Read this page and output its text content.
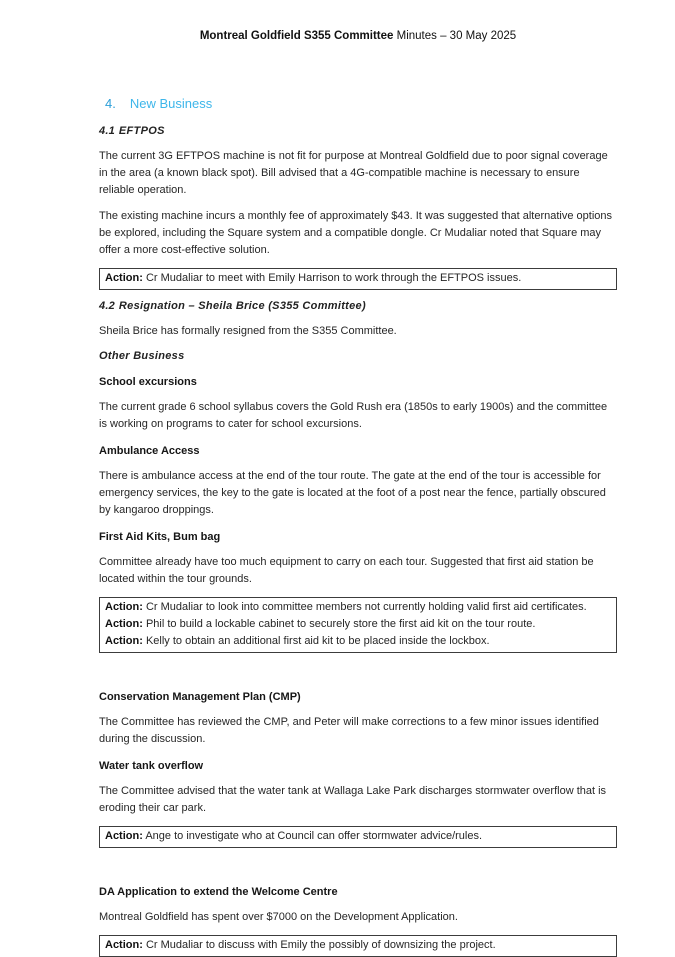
Montreal Goldfield S355 Committee Minutes – 30 May 2025
4. New Business
4.1 EFTPOS

The current 3G EFTPOS machine is not fit for purpose at Montreal Goldfield due to poor signal coverage in the area (a known black spot). Bill advised that a 4G-compatible machine is necessary to ensure reliable operation.

The existing machine incurs a monthly fee of approximately $43. It was suggested that alternative options be explored, including the Square system and a compatible dongle. Cr Mudaliar noted that Square may offer a more cost-effective solution.

Action: Cr Mudaliar to meet with Emily Harrison to work through the EFTPOS issues.
4.2 Resignation – Sheila Brice (S355 Committee)

Sheila Brice has formally resigned from the S355 Committee.

Other Business
School excursions

The current grade 6 school syllabus covers the Gold Rush era (1850s to early 1900s) and the committee is working on programs to cater for school excursions.

Ambulance Access

There is ambulance access at the end of the tour route. The gate at the end of the tour is accessible for emergency services, the key to the gate is located at the foot of a post near the fence, partially obscured by kangaroo droppings.

First Aid Kits, Bum bag

Committee already have too much equipment to carry on each tour. Suggested that first aid station be located within the tour grounds.

Action: Cr Mudaliar to look into committee members not currently holding valid first aid certificates.
Action: Phil to build a lockable cabinet to securely store the first aid kit on the tour route.
Action: Kelly to obtain an additional first aid kit to be placed inside the lockbox.
Conservation Management Plan (CMP)

The Committee has reviewed the CMP, and Peter will make corrections to a few minor issues identified during the discussion.

Water tank overflow

The Committee advised that the water tank at Wallaga Lake Park discharges stormwater overflow that is eroding their car park.

Action: Ange to investigate who at Council can offer stormwater advice/rules.
DA Application to extend the Welcome Centre

Montreal Goldfield has spent over $7000 on the Development Application.

Action: Cr Mudaliar to discuss with Emily the possibly of downsizing the project.
